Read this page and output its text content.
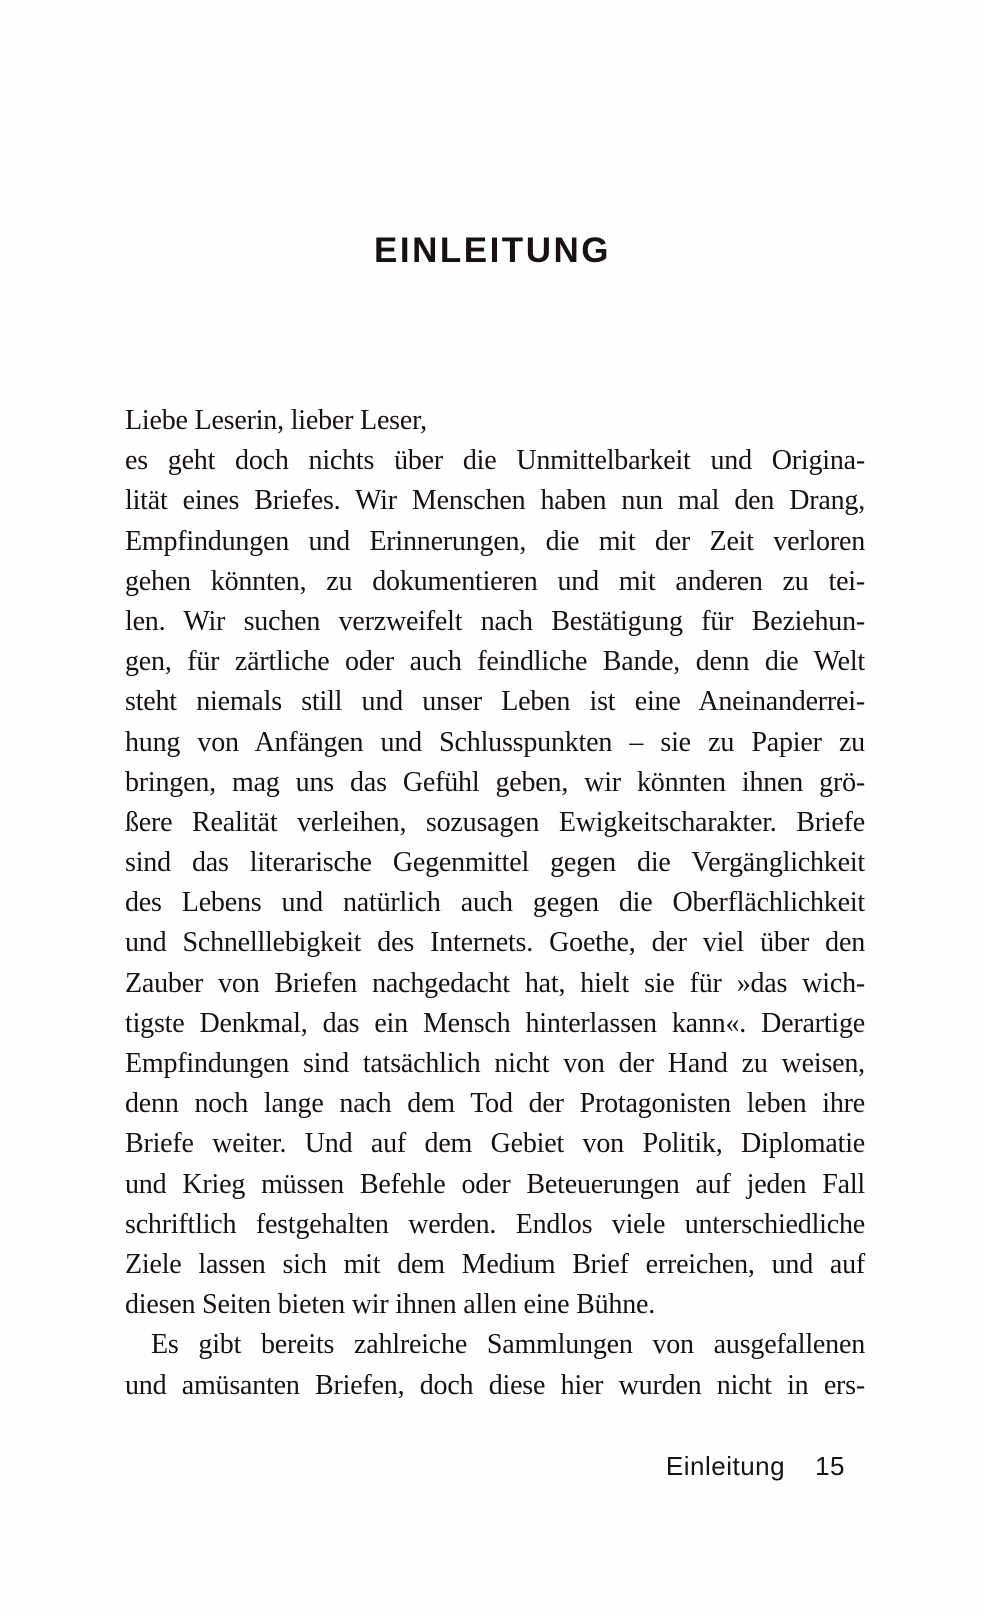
EINLEITUNG
Liebe Leserin, lieber Leser,
es geht doch nichts über die Unmittelbarkeit und Origina-
lität eines Briefes. Wir Menschen haben nun mal den Drang,
Empfindungen und Erinnerungen, die mit der Zeit verloren
gehen könnten, zu dokumentieren und mit anderen zu tei-
len. Wir suchen verzweifelt nach Bestätigung für Beziehun-
gen, für zärtliche oder auch feindliche Bande, denn die Welt
steht niemals still und unser Leben ist eine Aneinanderrei-
hung von Anfängen und Schlusspunkten – sie zu Papier zu
bringen, mag uns das Gefühl geben, wir könnten ihnen grö-
ßere Realität verleihen, sozusagen Ewigkeitscharakter. Briefe
sind das literarische Gegenmittel gegen die Vergänglichkeit
des Lebens und natürlich auch gegen die Oberflächlichkeit
und Schnelllebigkeit des Internets. Goethe, der viel über den
Zauber von Briefen nachgedacht hat, hielt sie für »das wich-
tigste Denkmal, das ein Mensch hinterlassen kann«. Derartige
Empfindungen sind tatsächlich nicht von der Hand zu weisen,
denn noch lange nach dem Tod der Protagonisten leben ihre
Briefe weiter. Und auf dem Gebiet von Politik, Diplomatie
und Krieg müssen Befehle oder Beteuerungen auf jeden Fall
schriftlich festgehalten werden. Endlos viele unterschiedliche
Ziele lassen sich mit dem Medium Brief erreichen, und auf
diesen Seiten bieten wir ihnen allen eine Bühne.
Es gibt bereits zahlreiche Sammlungen von ausgefallenen
und amüsanten Briefen, doch diese hier wurden nicht in ers-
Einleitung 15
